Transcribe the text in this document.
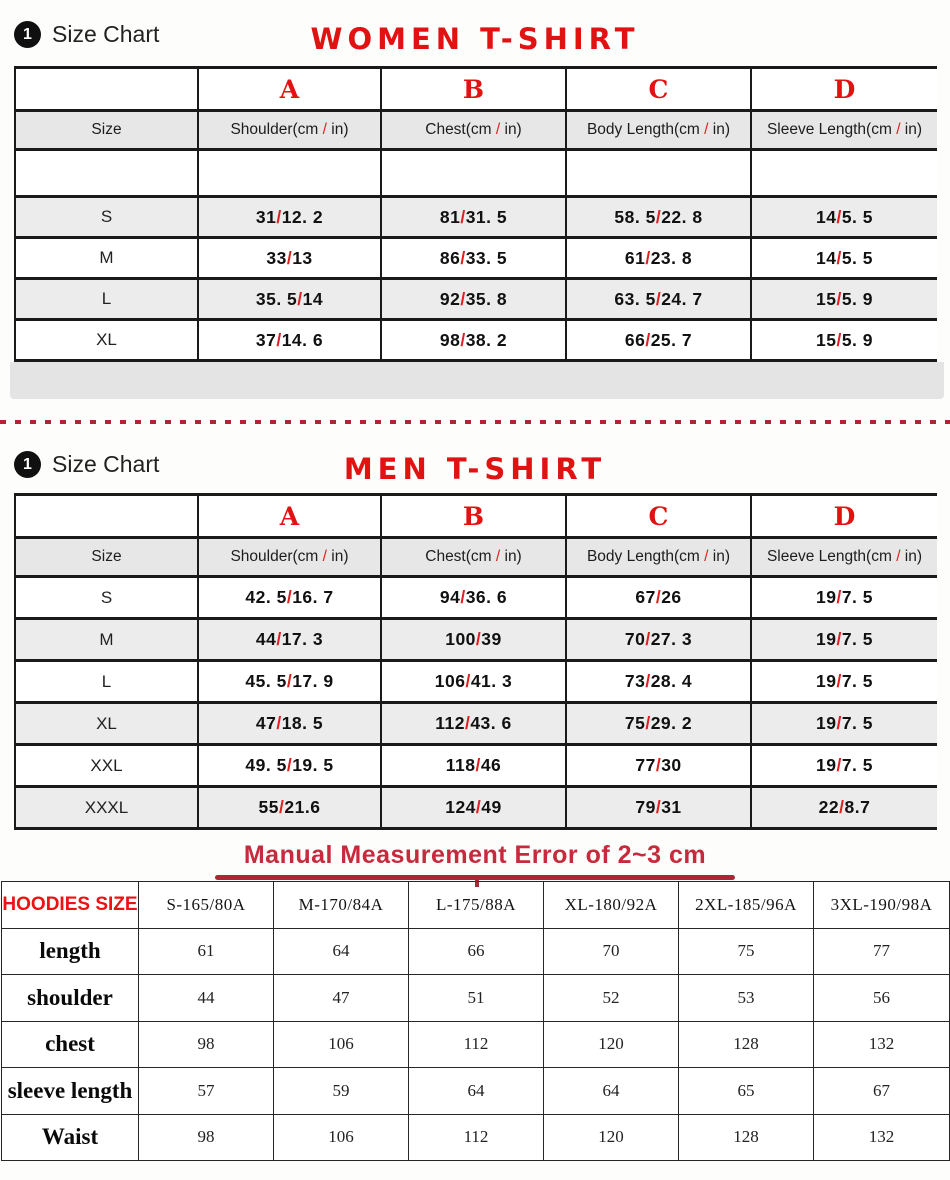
1 Size Chart	WOMEN T-SHIRT
	A	B	C	D
Size	Shoulder(cm / in)	Chest(cm / in)	Body Length(cm / in)	Sleeve Length(cm / in)

S	31/12. 2	81/31. 5	58. 5/22. 8	14/5. 5
M	33/13	86/33. 5	61/23. 8	14/5. 5
L	35. 5/14	92/35. 8	63. 5/24. 7	15/5. 9
XL	37/14. 6	98/38. 2	66/25. 7	15/5. 9
1 Size Chart	MEN T-SHIRT
	A	B	C	D
Size	Shoulder(cm / in)	Chest(cm / in)	Body Length(cm / in)	Sleeve Length(cm / in)
S	42. 5/16. 7	94/36. 6	67/26	19/7. 5
M	44/17. 3	100/39	70/27. 3	19/7. 5
L	45. 5/17. 9	106/41. 3	73/28. 4	19/7. 5
XL	47/18. 5	112/43. 6	75/29. 2	19/7. 5
XXL	49. 5/19. 5	118/46	77/30	19/7. 5
XXXL	55/21.6	124/49	79/31	22/8.7
Manual Measurement Error of 2~3 cm
HOODIES SIZE	S-165/80A	M-170/84A	L-175/88A	XL-180/92A	2XL-185/96A	3XL-190/98A
length	61	64	66	70	75	77
shoulder	44	47	51	52	53	56
chest	98	106	112	120	128	132
sleeve length	57	59	64	64	65	67
Waist	98	106	112	120	128	132
